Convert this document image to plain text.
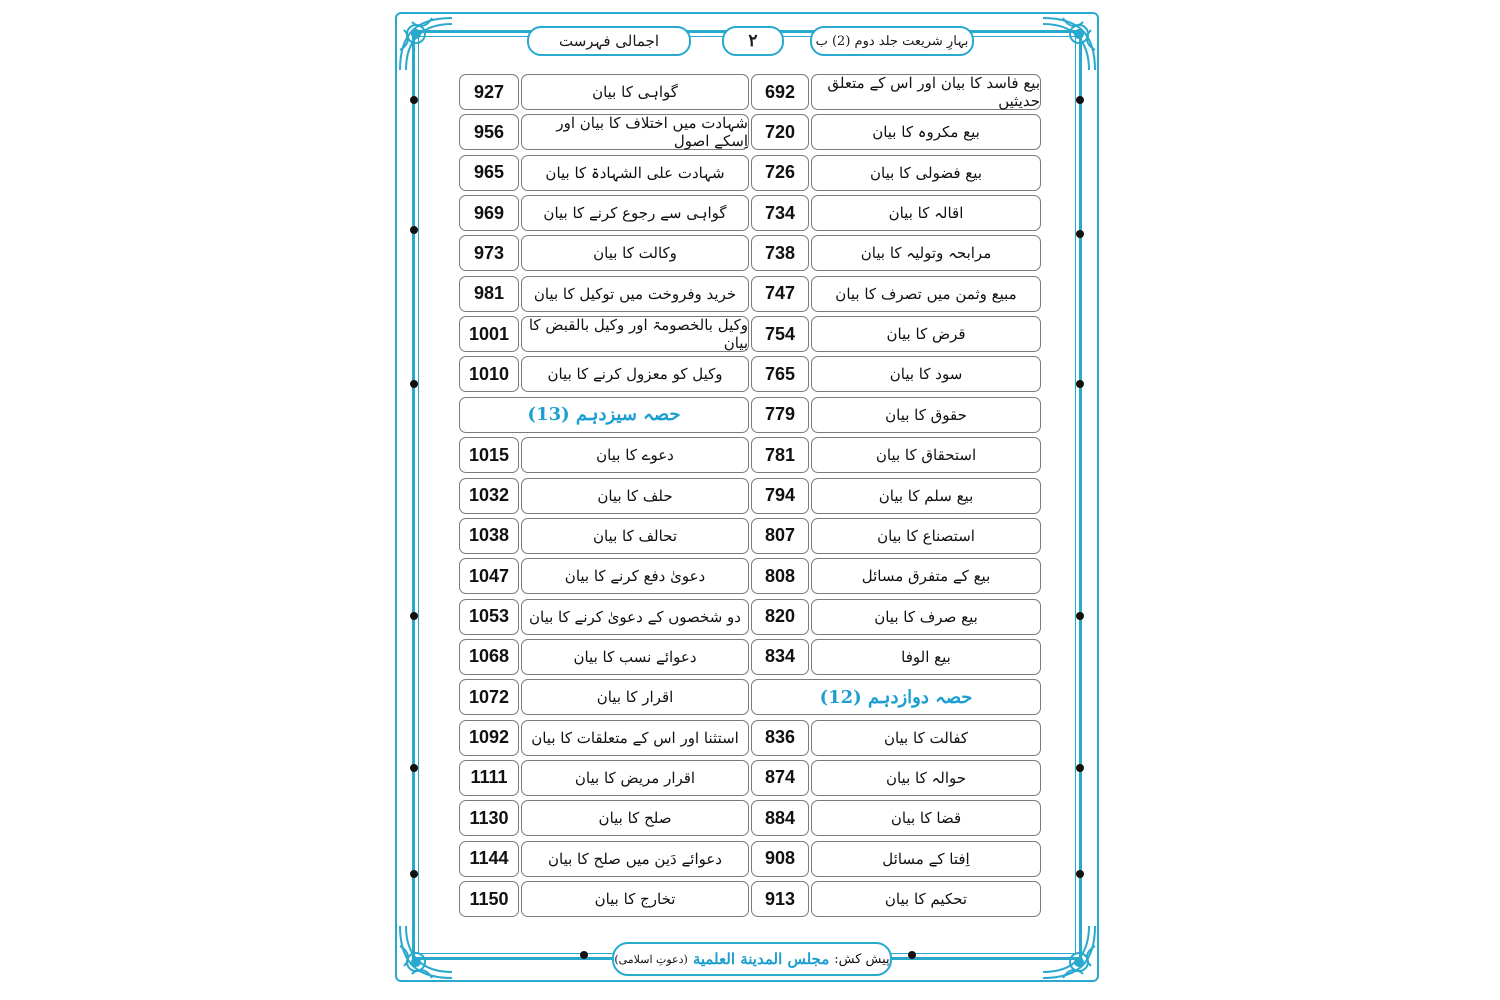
اجمالی فہرست	۲	بہارِ شریعت جلد دوم (2) ب
بیع فاسد کا بیان اور اس کے متعلق حدیثیں
692
بیع مکروہ کا بیان
720
بیع فضولی کا بیان
726
اقالہ کا بیان
734
مرابحہ وتولیہ کا بیان
738
مبیع وثمن میں تصرف کا بیان
747
قرض کا بیان
754
سود کا بیان
765
حقوق کا بیان
779
استحقاق کا بیان
781
بیع سلم کا بیان
794
استصناع کا بیان
807
بیع کے متفرق مسائل
808
بیع صرف کا بیان
820
بیع الوفا
834
حصہ دوازدہم (12)
کفالت کا بیان
836
حوالہ کا بیان
874
قضا کا بیان
884
اِفتا کے مسائل
908
تحکیم کا بیان
913
گواہی کا بیان
927
شہادت میں اختلاف کا بیان اور اِسکے اصول
956
شہادت علی الشہادۃ کا بیان
965
گواہی سے رجوع کرنے کا بیان
969
وکالت کا بیان
973
خرید وفروخت میں توکیل کا بیان
981
وکیل بالخصومۃ اور وکیل بالقبض کا بیان
1001
وکیل کو معزول کرنے کا بیان
1010
حصہ سیزدہم (13)
دعوے کا بیان
1015
حلف کا بیان
1032
تحالف کا بیان
1038
دعویٰ دفع کرنے کا بیان
1047
دو شخصوں کے دعویٰ کرنے کا بیان
1053
دعوائے نسب کا بیان
1068
اقرار کا بیان
1072
استثنا اور اس کے متعلقات کا بیان
1092
اقرار مریض کا بیان
1111
صلح کا بیان
1130
دعوائے دَین میں صلح کا بیان
1144
تخارج کا بیان
1150
پیش کش:
مجلس المدینة العلمیة
(دعوتِ اسلامی)
